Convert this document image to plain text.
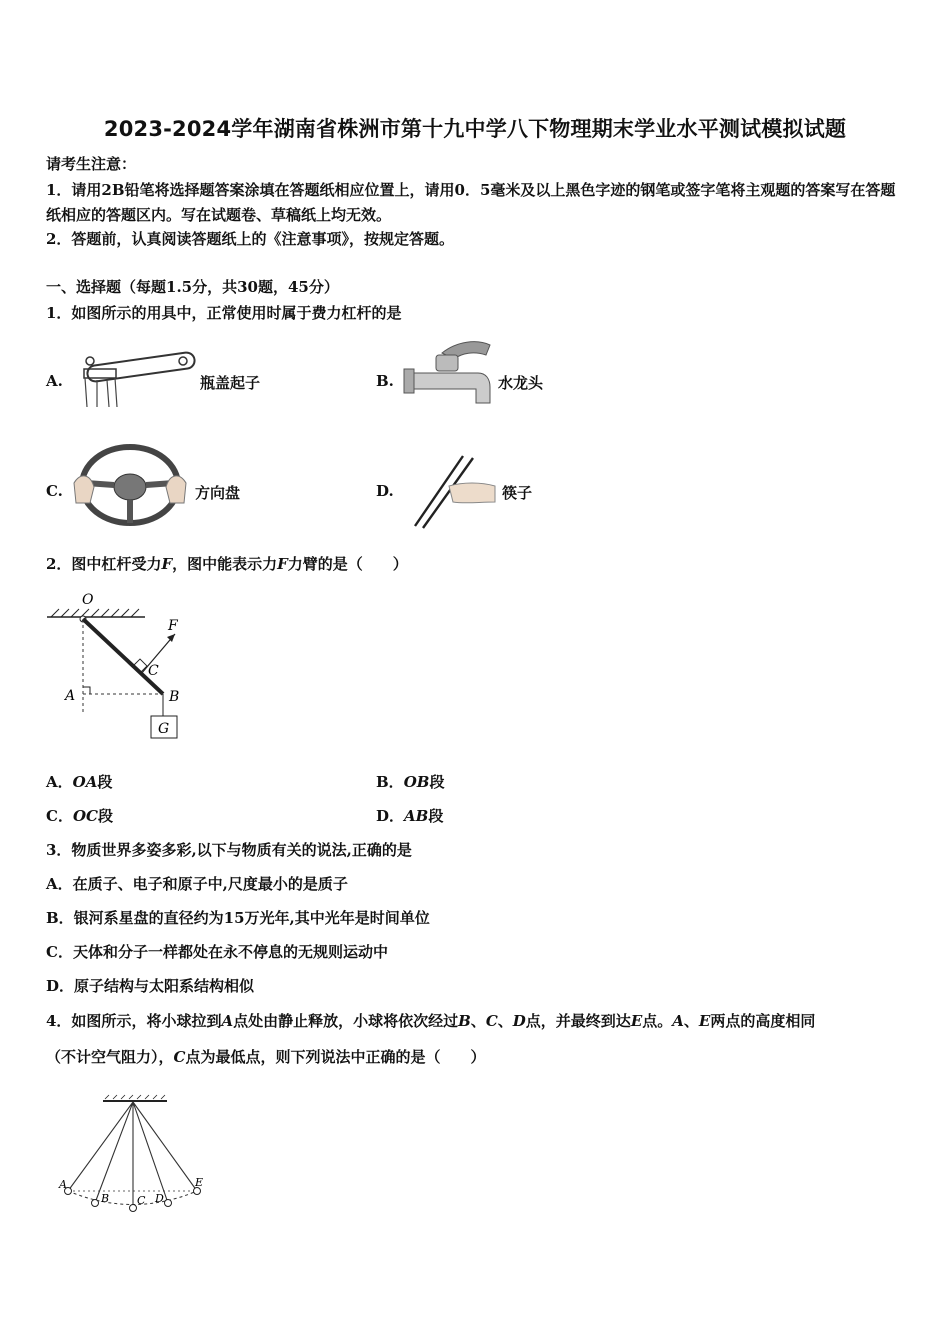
2023-2024学年湖南省株洲市第十九中学八下物理期末学业水平测试模拟试题
请考生注意：
1．请用2B铅笔将选择题答案涂填在答题纸相应位置上，请用0．5毫米及以上黑色字迹的钢笔或签字笔将主观题的答案写在答题纸相应的答题区内。写在试题卷、草稿纸上均无效。
2．答题前，认真阅读答题纸上的《注意事项》，按规定答题。
一、选择题（每题1.5分，共30题，45分）
1．如图所示的用具中，正常使用时属于费力杠杆的是
A.	瓶盖起子	B.	水龙头
C.	方向盘	D.	筷子
2．图中杠杆受力F，图中能表示力F力臂的是（　　）
O
F
C
A	B
G
A．OA段	B．OB段
C．OC段	D．AB段
3．物质世界多姿多彩,以下与物质有关的说法,正确的是
A．在质子、电子和原子中,尺度最小的是质子
B．银河系星盘的直径约为15万光年,其中光年是时间单位
C．天体和分子一样都处在永不停息的无规则运动中
D．原子结构与太阳系结构相似
4．如图所示，将小球拉到A点处由静止释放，小球将依次经过B、C、D点，并最终到达E点。A、E两点的高度相同
（不计空气阻力），C点为最低点，则下列说法中正确的是（　　）
A
B	C D
E
